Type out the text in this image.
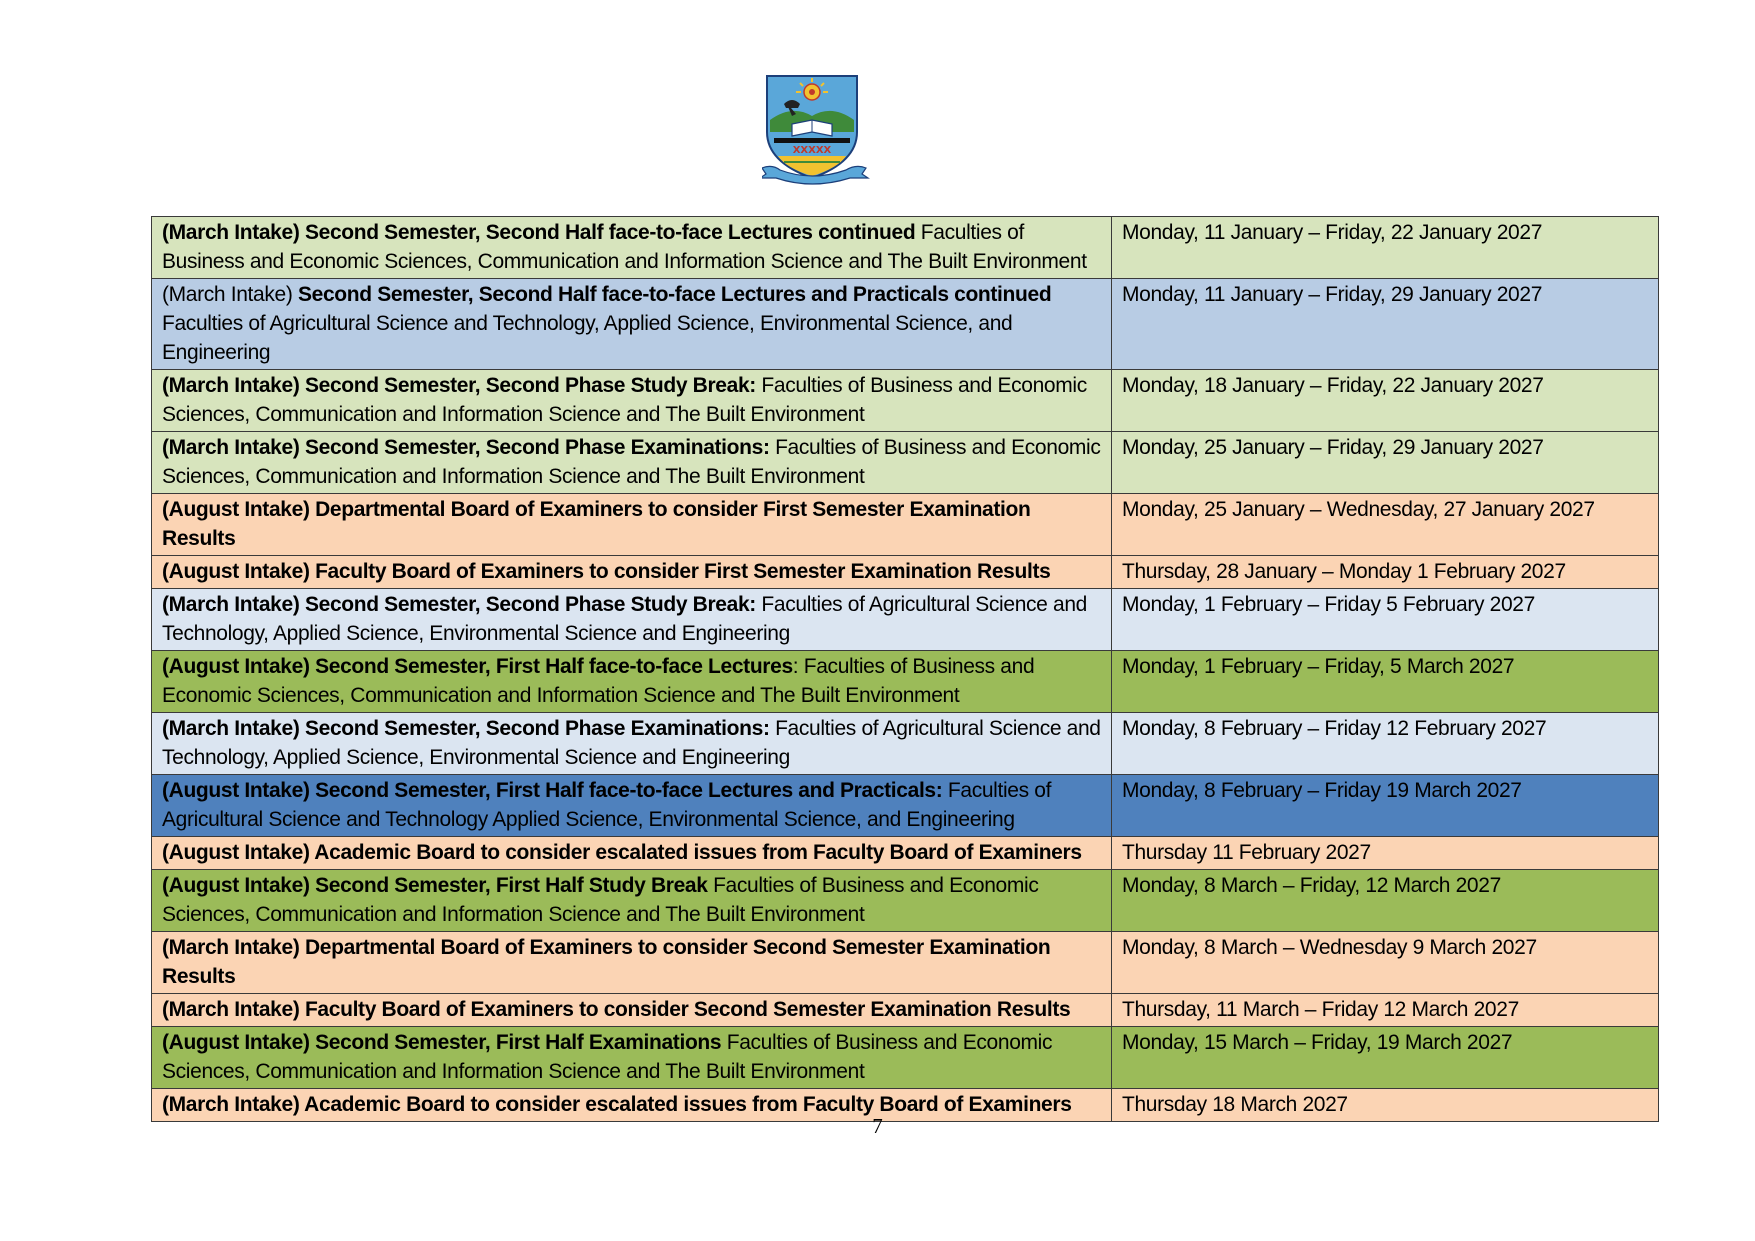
XXXXX
(March Intake) Second Semester, Second Half face-to-face Lectures continued Faculties of Business and Economic Sciences, Communication and Information Science and The Built Environment	Monday, 11 January – Friday, 22 January 2027
(March Intake) Second Semester, Second Half face-to-face Lectures and Practicals continued Faculties of Agricultural Science and Technology, Applied Science, Environmental Science, and Engineering	Monday, 11 January – Friday, 29 January 2027
(March Intake) Second Semester, Second Phase Study Break: Faculties of Business and Economic Sciences, Communication and Information Science and The Built Environment	Monday, 18 January – Friday, 22 January 2027
(March Intake) Second Semester, Second Phase Examinations: Faculties of Business and Economic Sciences, Communication and Information Science and The Built Environment	Monday, 25 January – Friday, 29 January 2027
(August Intake) Departmental Board of Examiners to consider First Semester Examination Results	Monday, 25 January – Wednesday, 27 January 2027
(August Intake) Faculty Board of Examiners to consider First Semester Examination Results	Thursday, 28 January – Monday 1 February 2027
(March Intake) Second Semester, Second Phase Study Break: Faculties of Agricultural Science and Technology, Applied Science, Environmental Science and Engineering	Monday, 1 February – Friday 5 February 2027
(August Intake) Second Semester, First Half face-to-face Lectures: Faculties of Business and Economic Sciences, Communication and Information Science and The Built Environment	Monday, 1 February – Friday, 5 March 2027
(March Intake) Second Semester, Second Phase Examinations: Faculties of Agricultural Science and Technology, Applied Science, Environmental Science and Engineering	Monday, 8 February – Friday 12 February 2027
(August Intake) Second Semester, First Half face-to-face Lectures and Practicals: Faculties of Agricultural Science and Technology Applied Science, Environmental Science, and Engineering	Monday, 8 February – Friday 19 March 2027
(August Intake) Academic Board to consider escalated issues from Faculty Board of Examiners	Thursday 11 February 2027
(August Intake) Second Semester, First Half Study Break Faculties of Business and Economic Sciences, Communication and Information Science and The Built Environment	Monday, 8 March – Friday, 12 March 2027
(March Intake) Departmental Board of Examiners to consider Second Semester Examination Results	Monday, 8 March – Wednesday 9 March 2027
(March Intake) Faculty Board of Examiners to consider Second Semester Examination Results	Thursday, 11 March – Friday 12 March 2027
(August Intake) Second Semester, First Half Examinations Faculties of Business and Economic Sciences, Communication and Information Science and The Built Environment	Monday, 15 March – Friday, 19 March 2027
(March Intake) Academic Board to consider escalated issues from Faculty Board of Examiners	Thursday 18 March 2027
7
